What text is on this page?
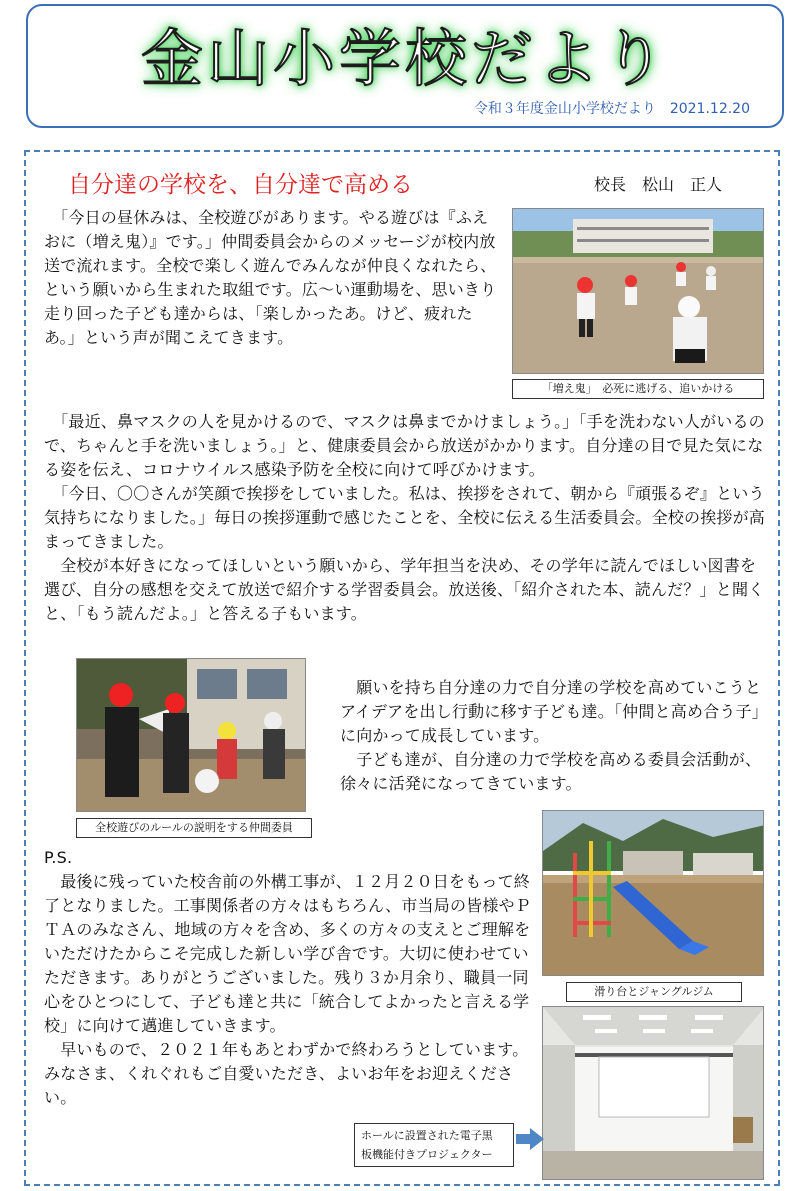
金山小学校だより
令和３年度金山小学校だより　2021.12.20
自分達の学校を、自分達で高める	校長　松山　正人
　「今日の昼休みは、全校遊びがあります。やる遊びは『ふえおに（増え鬼）』です。」仲間委員会からのメッセージが校内放送で流れます。全校で楽しく遊んでみんなが仲良くなれたら、という願いから生まれた取組です。広～い運動場を、思いきり走り回った子ども達からは、「楽しかったあ。けど、疲れたあ。」という声が聞こえてきます。
「増え鬼」　必死に逃げる、追いかける
　「最近、鼻マスクの人を見かけるので、マスクは鼻までかけましょう。」「手を洗わない人がいるので、ちゃんと手を洗いましょう。」と、健康委員会から放送がかかります。自分達の目で見た気になる姿を伝え、コロナウイルス感染予防を全校に向けて呼びかけます。
　「今日、〇〇さんが笑顔で挨拶をしていました。私は、挨拶をされて、朝から『頑張るぞ』という気持ちになりました。」毎日の挨拶運動で感じたことを、全校に伝える生活委員会。全校の挨拶が高まってきました。
　全校が本好きになってほしいという願いから、学年担当を決め、その学年に読んでほしい図書を選び、自分の感想を交えて放送で紹介する学習委員会。放送後、「紹介された本、読んだ？」と聞くと、「もう読んだよ。」と答える子もいます。
全校遊びのルールの説明をする仲間委員
　願いを持ち自分達の力で自分達の学校を高めていこうとアイデアを出し行動に移す子ども達。「仲間と高め合う子」に向かって成長しています。
　子ども達が、自分達の力で学校を高める委員会活動が、徐々に活発になってきています。
滑り台とジャングルジム
ホールに設置された電子黒
板機能付きプロジェクター
P.S.
　最後に残っていた校舎前の外構工事が、１２月２０日をもって終了となりました。工事関係者の方々はもちろん、市当局の皆様やＰＴＡのみなさん、地域の方々を含め、多くの方々の支えとご理解をいただけたからこそ完成した新しい学び舎です。大切に使わせていただきます。ありがとうございました。残り３か月余り、職員一同心をひとつにして、子ども達と共に「統合してよかったと言える学校」に向けて邁進していきます。
　早いもので、２０２１年もあとわずかで終わろうとしています。みなさま、くれぐれもご自愛いただき、よいお年をお迎えください。
